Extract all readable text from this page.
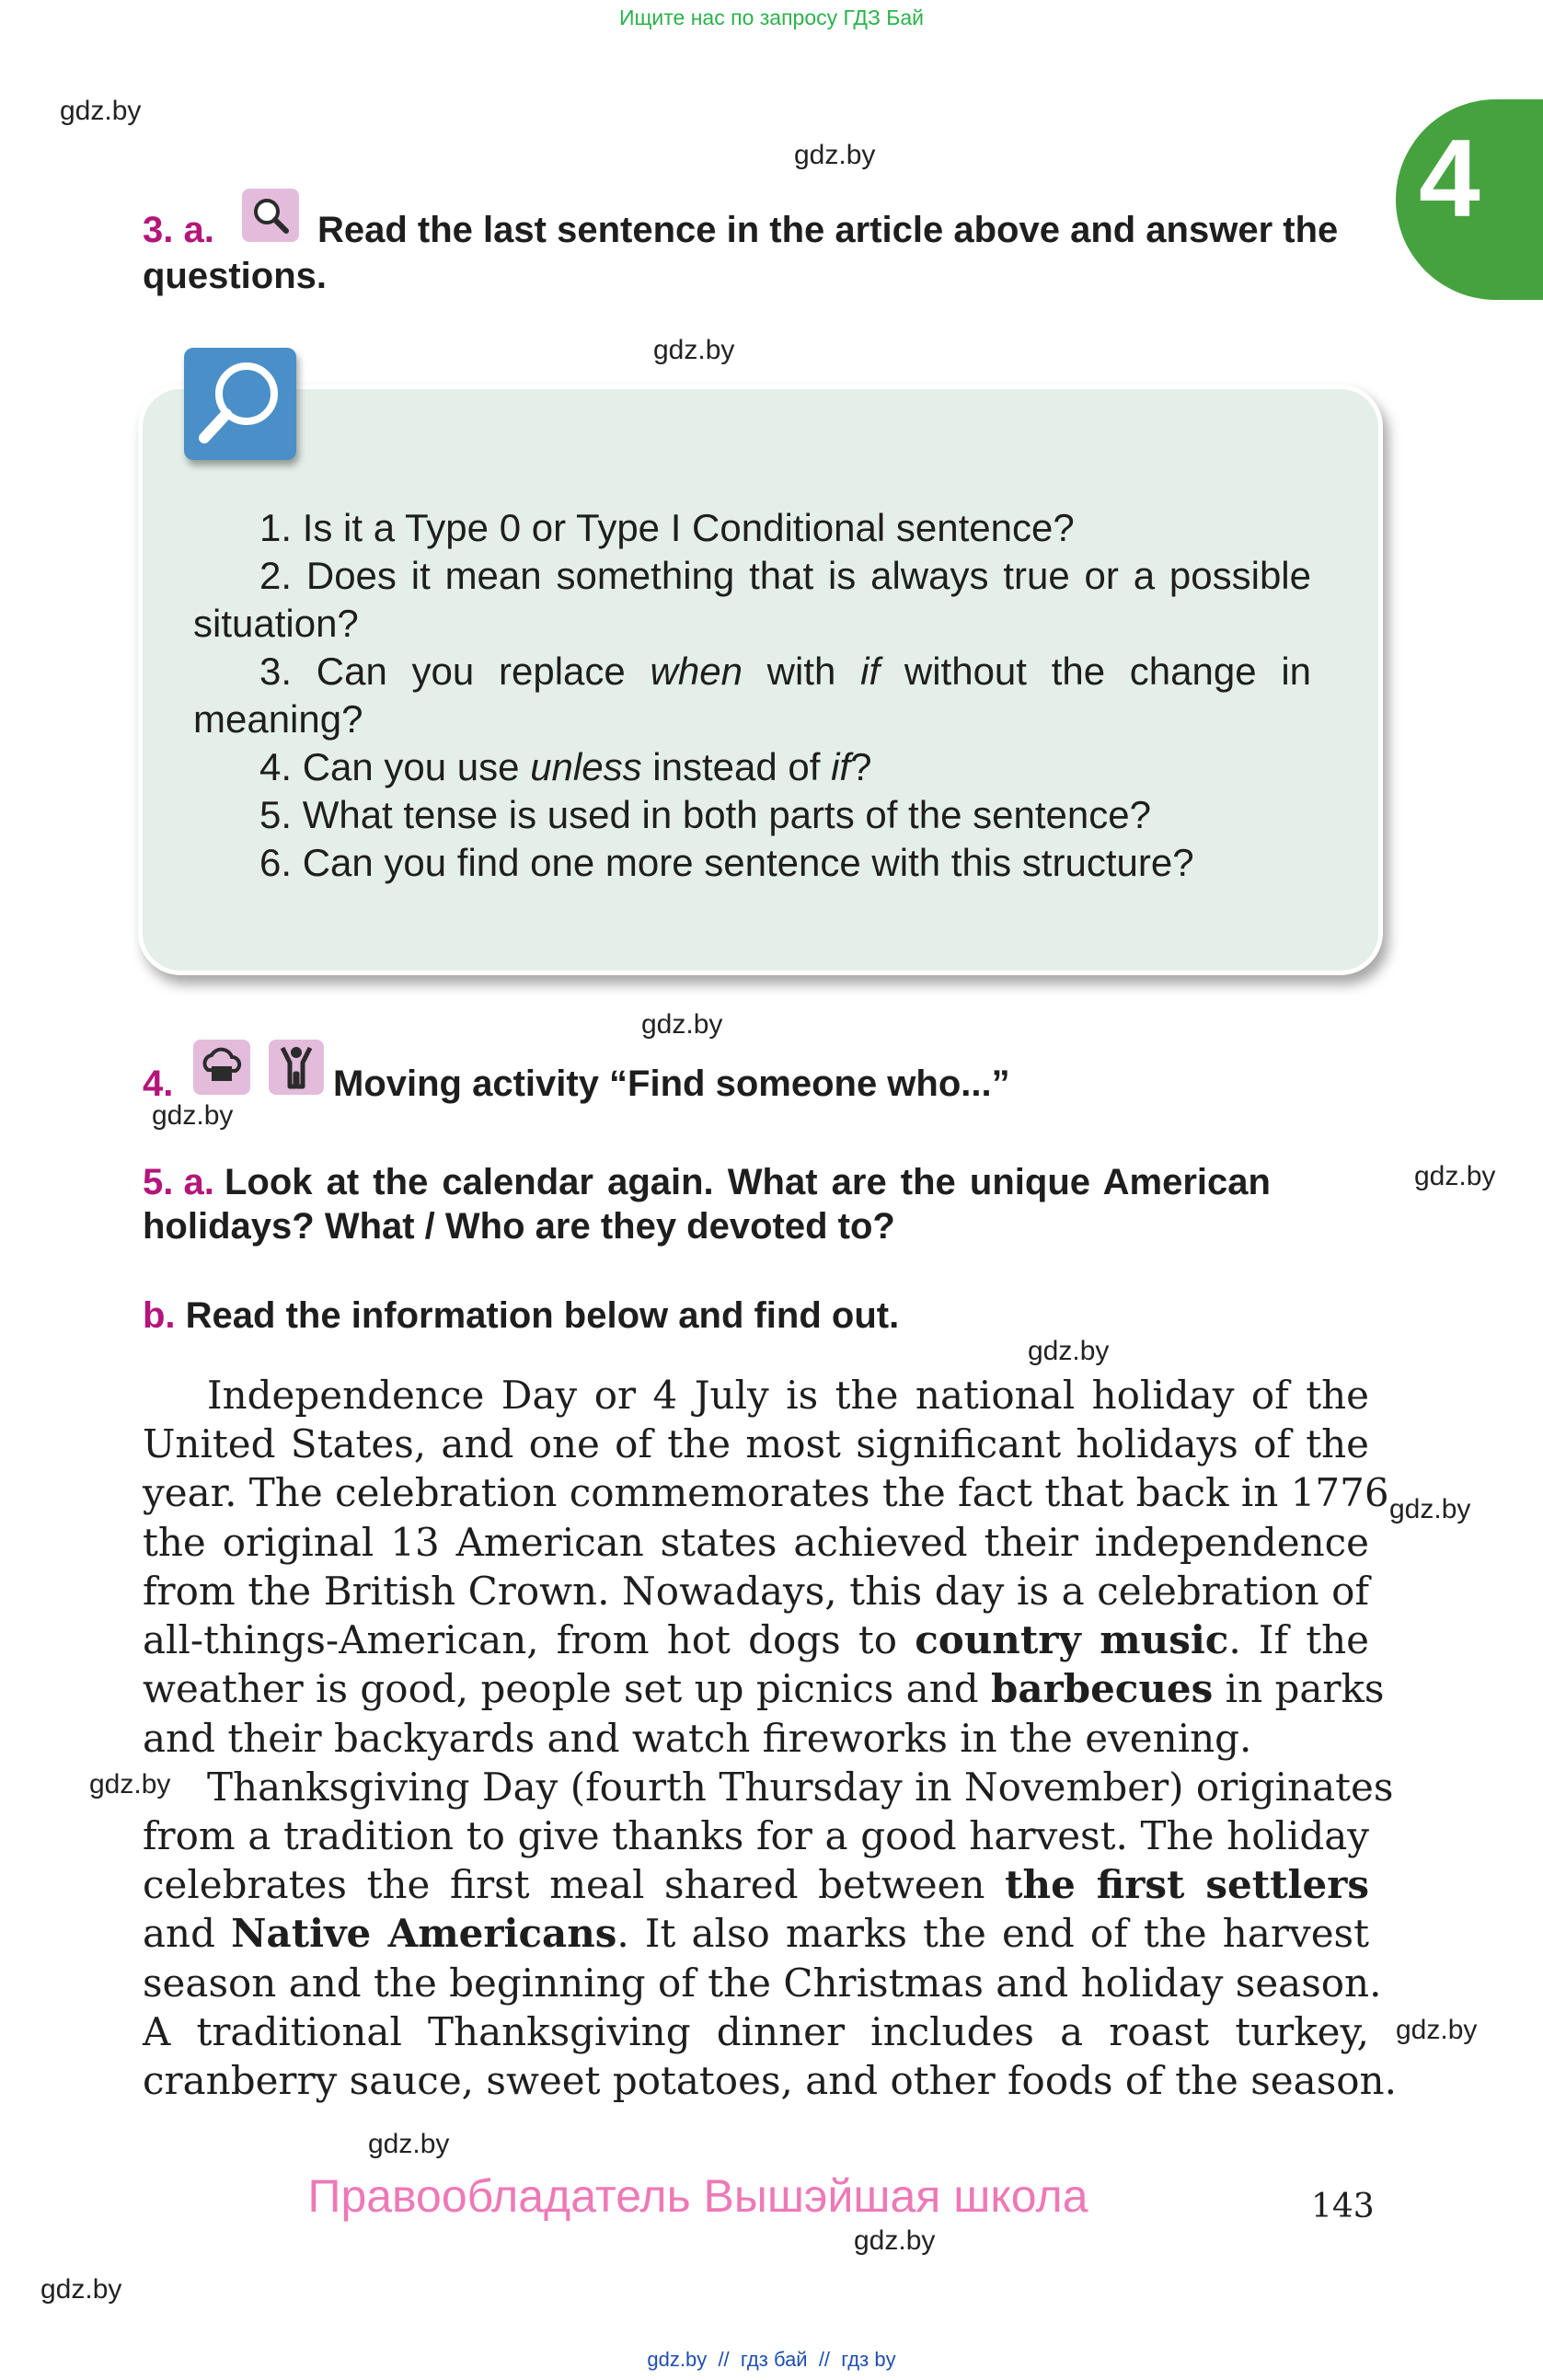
Ищите нас по запросу ГДЗ Бай
4
gdz.by
gdz.by
gdz.by
gdz.by
gdz.by
gdz.by
gdz.by
gdz.by
gdz.by
gdz.by
gdz.by
gdz.by
gdz.by
3. a.	Read the last sentence in the article above and answer the
questions.
1. Is it a Type 0 or Type I Conditional sentence?
2. Does it mean something that is always true or a possible
situation?
3. Can you replace when with if without the change in
meaning?
4. Can you use unless instead of if?
5. What tense is used in both parts of the sentence?
6. Can you find one more sentence with this structure?
4.	Moving activity “Find someone who...”
5. a. Look at the calendar again. What are the unique American
holidays? What / Who are they devoted to?
b. Read the information below and find out.
Independence Day or 4 July is the national holiday of the
United States, and one of the most significant holidays of the
year. The celebration commemorates the fact that back in 1776
the original 13 American states achieved their independence
from the British Crown. Nowadays, this day is a celebration of
all-things-American, from hot dogs to country music. If the
weather is good, people set up picnics and barbecues in parks
and their backyards and watch fireworks in the evening.
Thanksgiving Day (fourth Thursday in November) originates
from a tradition to give thanks for a good harvest. The holiday
celebrates the first meal shared between the first settlers
and Native Americans. It also marks the end of the harvest
season and the beginning of the Christmas and holiday season.
A traditional Thanksgiving dinner includes a roast turkey,
cranberry sauce, sweet potatoes, and other foods of the season.
Правообладатель Вышэйшая школа	143
gdz.by  //  гдз бай  //  гдз by
